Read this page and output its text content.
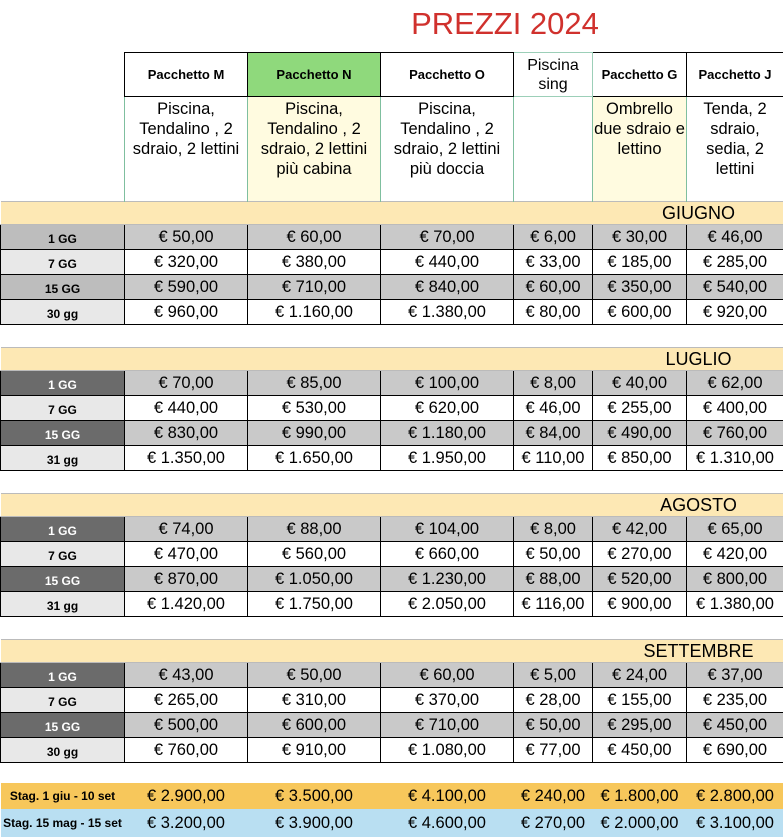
PREZZI 2024
	Pacchetto M	Pacchetto N	Pacchetto O	Piscina sing	Pacchetto G	Pacchetto J
	Piscina, Tendalino , 2 sdraio, 2 lettini	Piscina, Tendalino , 2 sdraio, 2 lettini più cabina	Piscina, Tendalino , 2 sdraio, 2 lettini più doccia		Ombrello due sdraio e lettino	Tenda, 2 sdraio, sedia, 2 lettini
GIUGNO						
1 GG	€ 50,00	€ 60,00	€ 70,00	€ 6,00	€ 30,00	€ 46,00
7 GG	€ 320,00	€ 380,00	€ 440,00	€ 33,00	€ 185,00	€ 285,00
15 GG	€ 590,00	€ 710,00	€ 840,00	€ 60,00	€ 350,00	€ 540,00
30 gg	€ 960,00	€ 1.160,00	€ 1.380,00	€ 80,00	€ 600,00	€ 920,00

LUGLIO						
1 GG	€ 70,00	€ 85,00	€ 100,00	€ 8,00	€ 40,00	€ 62,00
7 GG	€ 440,00	€ 530,00	€ 620,00	€ 46,00	€ 255,00	€ 400,00
15 GG	€ 830,00	€ 990,00	€ 1.180,00	€ 84,00	€ 490,00	€ 760,00
31 gg	€ 1.350,00	€ 1.650,00	€ 1.950,00	€ 110,00	€ 850,00	€ 1.310,00

AGOSTO						
1 GG	€ 74,00	€ 88,00	€ 104,00	€ 8,00	€ 42,00	€ 65,00
7 GG	€ 470,00	€ 560,00	€ 660,00	€ 50,00	€ 270,00	€ 420,00
15 GG	€ 870,00	€ 1.050,00	€ 1.230,00	€ 88,00	€ 520,00	€ 800,00
31 gg	€ 1.420,00	€ 1.750,00	€ 2.050,00	€ 116,00	€ 900,00	€ 1.380,00

SETTEMBRE						
1 GG	€ 43,00	€ 50,00	€ 60,00	€ 5,00	€ 24,00	€ 37,00
7 GG	€ 265,00	€ 310,00	€ 370,00	€ 28,00	€ 155,00	€ 235,00
15 GG	€ 500,00	€ 600,00	€ 710,00	€ 50,00	€ 295,00	€ 450,00
30 gg	€ 760,00	€ 910,00	€ 1.080,00	€ 77,00	€ 450,00	€ 690,00

Stag. 1 giu - 10 set	€ 2.900,00	€ 3.500,00	€ 4.100,00	€ 240,00	€ 1.800,00	€ 2.800,00
Stag. 15 mag - 15 set	€ 3.200,00	€ 3.900,00	€ 4.600,00	€ 270,00	€ 2.000,00	€ 3.100,00
